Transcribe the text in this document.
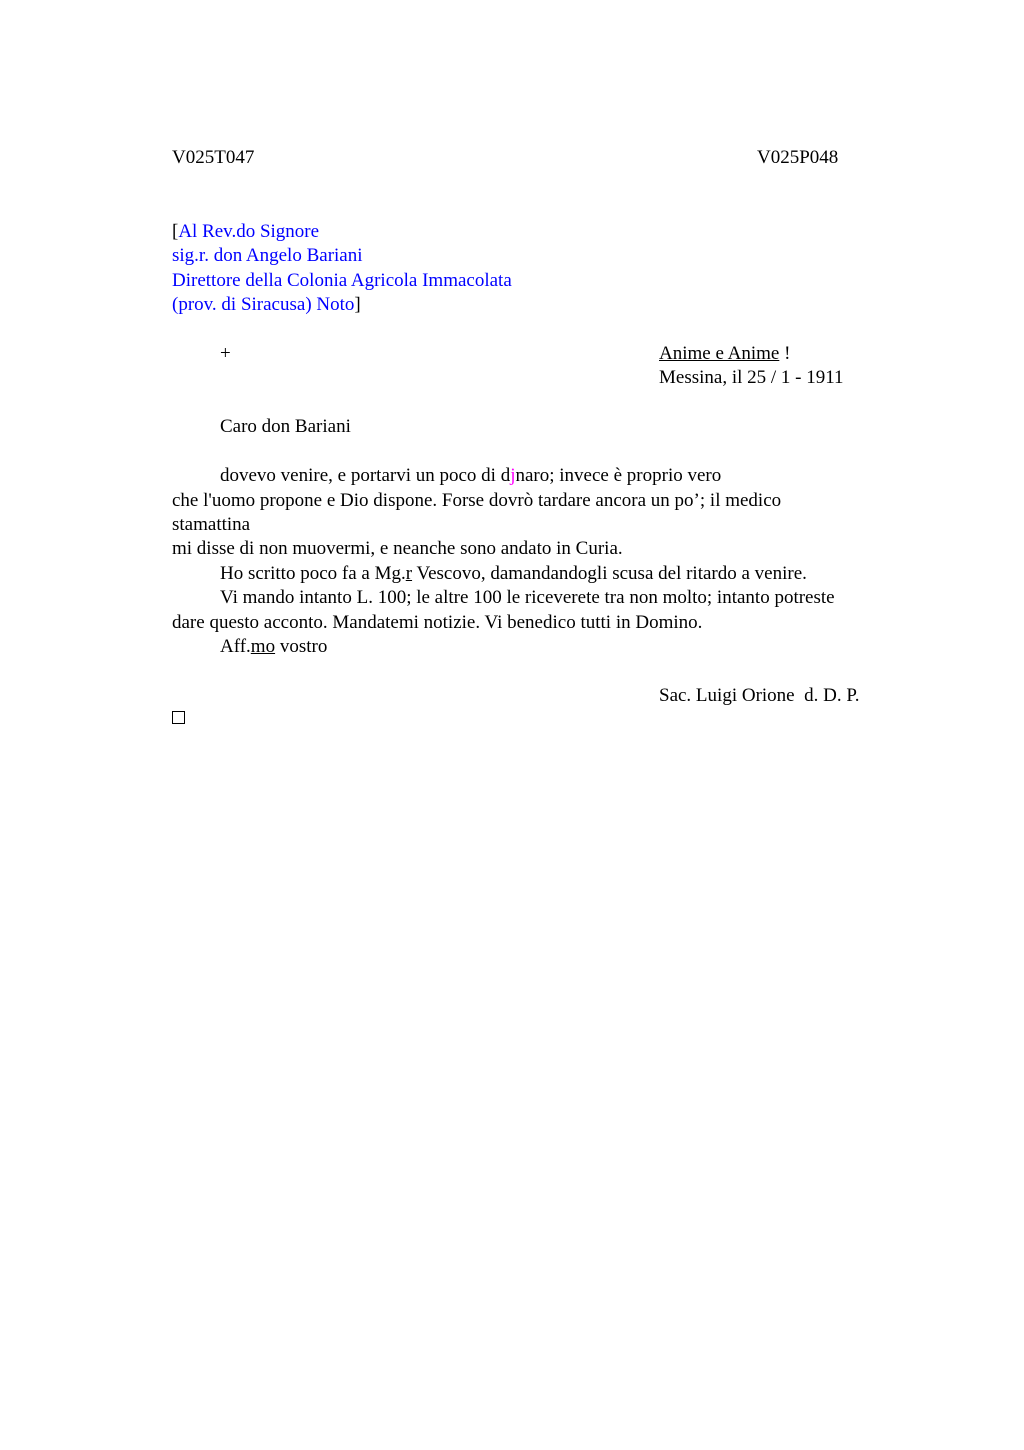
V025T047	V025P048
[Al Rev.do Signore
sig.r. don Angelo Bariani
Direttore della Colonia Agricola Immacolata
(prov. di Siracusa) Noto]
+	Anime e Anime !
Messina, il 25 / 1 - 1911
Caro don Bariani
dovevo venire, e portarvi un poco di djnaro; invece è proprio vero
che l'uomo propone e Dio dispone. Forse dovrò tardare ancora un po’; il medico
stamattina
mi disse di non muovermi, e neanche sono andato in Curia.
Ho scritto poco fa a Mg.r Vescovo, damandandogli scusa del ritardo a venire.
Vi mando intanto L. 100; le altre 100 le riceverete tra non molto; intanto potreste
dare questo acconto. Mandatemi notizie. Vi benedico tutti in Domino.
Aff.mo vostro
Sac. Luigi Orione  d. D. P.
